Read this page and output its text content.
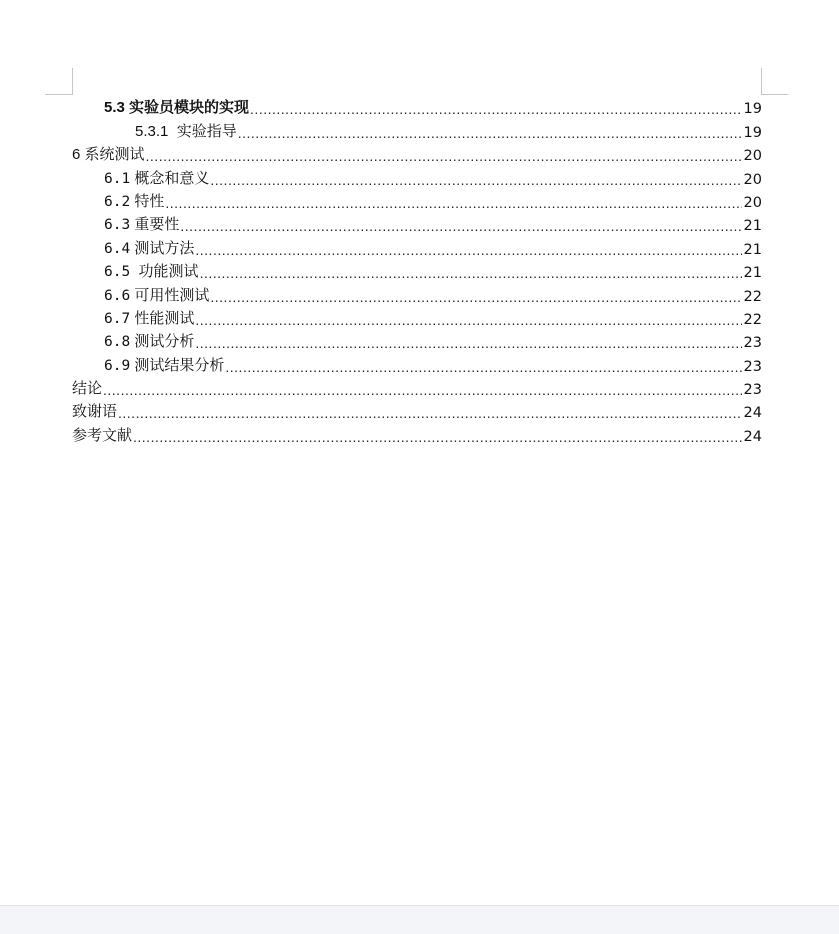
5.3 实验员模块的实现 .....	19
5.3.1 实验指导 .....	19
6 系统测试 .....	20
6.1 概念和意义 .....	20
6.2 特性 .....	20
6.3 重要性 .....	21
6.4 测试方法 .....	21
6.5 功能测试 .....	21
6.6 可用性测试 .....	22
6.7 性能测试 .....	22
6.8 测试分析 .....	23
6.9 测试结果分析 .....	23
结论 .....	23
致谢语 .....	24
参考文献 .....	24
